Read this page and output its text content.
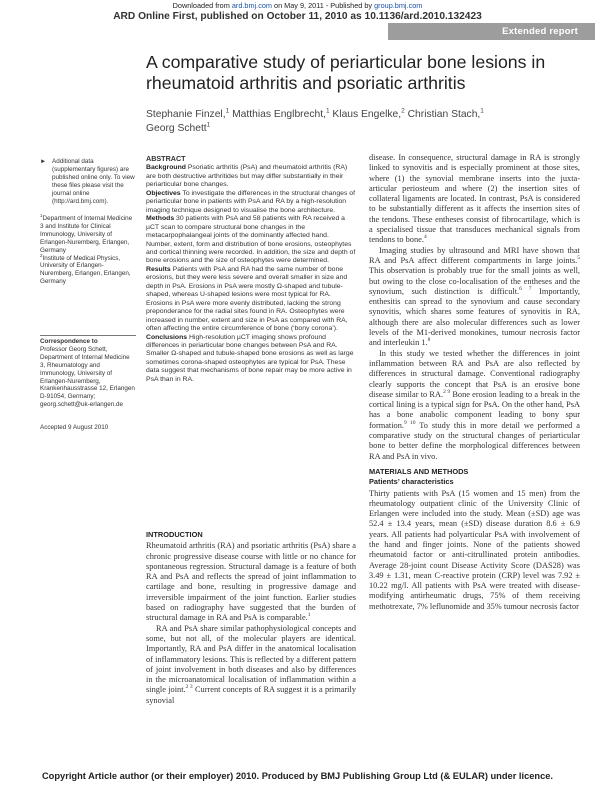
Downloaded from ard.bmj.com on May 9, 2011 - Published by group.bmj.com
ARD Online First, published on October 11, 2010 as 10.1136/ard.2010.132423
Extended report
A comparative study of periarticular bone lesions in rheumatoid arthritis and psoriatic arthritis
Stephanie Finzel,$^1$ Matthias Englbrecht,$^1$ Klaus Engelke,$^2$ Christian Stach,$^1$
Georg Schett$^1$
► Additional data (supplementary figures) are published online only. To view these files please visit the journal online (http://ard.bmj.com).
$^1$Department of Internal Medicine 3 and Institute for Clinical Immunology, University of Erlangen-Nuremberg, Erlangen, Germany
$^2$Institute of Medical Physics, University of Erlangen-Nuremberg, Erlangen, Erlangen, Germany
Correspondence to
Professor Georg Schett, Department of Internal Medicine 3, Rheumatology and Immunology, University of Erlangen-Nuremberg, Krankenhausstrasse 12, Erlangen D-91054, Germany; georg.schett@uk-erlangen.de
Accepted 9 August 2010
ABSTRACT

Background Psoriatic arthritis (PsA) and rheumatoid arthritis (RA) are both destructive arthritides but may differ substantially in their periarticular bone changes.

Objectives To investigate the differences in the structural changes of periarticular bone in patients with PsA and RA by a high-resolution imaging technique designed to visualise the bone architecture.

Methods 30 patients with PsA and 58 patients with RA received a µCT scan to compare structural bone changes in the metacarpophalangeal joints of the dominantly affected hand. Number, extent, form and distribution of bone erosions, osteophytes and cortical thinning were recorded. In addition, the size and depth of bone erosions and the size of osteophytes were determined.

Results Patients with PsA and RA had the same number of bone erosions, but they were less severe and overall smaller in size and depth in PsA. Erosions in PsA were mostly Ω-shaped and tubule-shaped, whereas U-shaped lesions were most typical for RA. Erosions in PsA were more evenly distributed, lacking the strong preponderance for the radial sites found in RA. Osteophytes were increased in number, extent and size in PsA as compared with RA, often affecting the entire circumference of bone (‘bony corona’).

Conclusions High-resolution µCT imaging shows profound differences in periarticular bone changes between PsA and RA. Smaller Ω-shaped and tubule-shaped bone erosions as well as large sometimes corona-shaped osteophytes are typical for PsA. These data suggest that mechanisms of bone repair may be more active in PsA than in RA.

INTRODUCTION

Rheumatoid arthritis (RA) and psoriatic arthritis (PsA) share a chronic progressive disease course with little or no chance for spontaneous regression. Structural damage is a feature of both RA and PsA and reflects the spread of joint inflammation to cartilage and bone, resulting in progressive damage and irreversible impairment of the joint function. Earlier studies based on radiography have suggested that the burden of structural damage in RA and PsA is comparable.$^1$

RA and PsA share similar pathophysiological concepts and some, but not all, of the molecular players are identical. Importantly, RA and PsA differ in the anatomical localisation of inflammatory lesions. This is reflected by a different pattern of joint involvement in both diseases and also by differences in the microanatomical localisation of inflammation within a single joint.$^{2 3}$ Current concepts of RA suggest it is a primarily synovial

disease. In consequence, structural damage in RA is strongly linked to synovitis and is especially prominent at those sites, where (1) the synovial membrane inserts into the juxta-articular periosteum and where (2) the insertion sites of collateral ligaments are located. In contrast, PsA is considered to be substantially different as it affects the insertion sites of the tendons. These entheses consist of fibrocartilage, which is a specialised tissue that transduces mechanical signals from tendons to bone.$^4$

Imaging studies by ultrasound and MRI have shown that RA and PsA affect different compartments in large joints.$^5$ This observation is probably true for the small joints as well, but owing to the close co-localisation of the entheses and the synovium, such distinction is difficult.$^{6 7}$ Importantly, enthesitis can spread to the synovium and cause secondary synovitis, which shares some features of synovitis in RA, although there are also molecular differences such as lower levels of the M1-derived monokines, tumour necrosis factor and interleukin 1.$^8$

In this study we tested whether the differences in joint inflammation between RA and PsA are also reflected by differences in structural damage. Conventional radiography clearly supports the concept that PsA is an erosive bone disease similar to RA.$^{2 9}$ Bone erosion leading to a break in the cortical lining is a typical sign for PsA. On the other hand, PsA has a bone anabolic component leading to bony spur formation.$^{9 10}$ To study this in more detail we performed a comparative study on the structural changes of periarticular bone to better define the morphological differences between RA and PsA in vivo.

MATERIALS AND METHODS
Patients’ characteristics

Thirty patients with PsA (15 women and 15 men) from the rheumatology outpatient clinic of the University Clinic of Erlangen were included into the study. Mean (±SD) age was 52.4 ± 13.4 years, mean (±SD) disease duration 8.6 ± 6.9 years. All patients had polyarticular PsA with involvement of the hand and finger joints. None of the patients showed rheumatoid factor or anti-citrullinated protein antibodies. Average 28-joint count Disease Activity Score (DAS28) was 3.49 ± 1.31, mean C-reactive protein (CRP) level was 7.92 ± 10.22 mg/l. All patients with PsA were treated with disease-modifying antirheumatic drugs, 75% of them receiving methotrexate, 7% leflunomide and 35% tumour necrosis factor

Copyright Article author (or their employer) 2010. Produced by BMJ Publishing Group Ltd (& EULAR) under licence.
